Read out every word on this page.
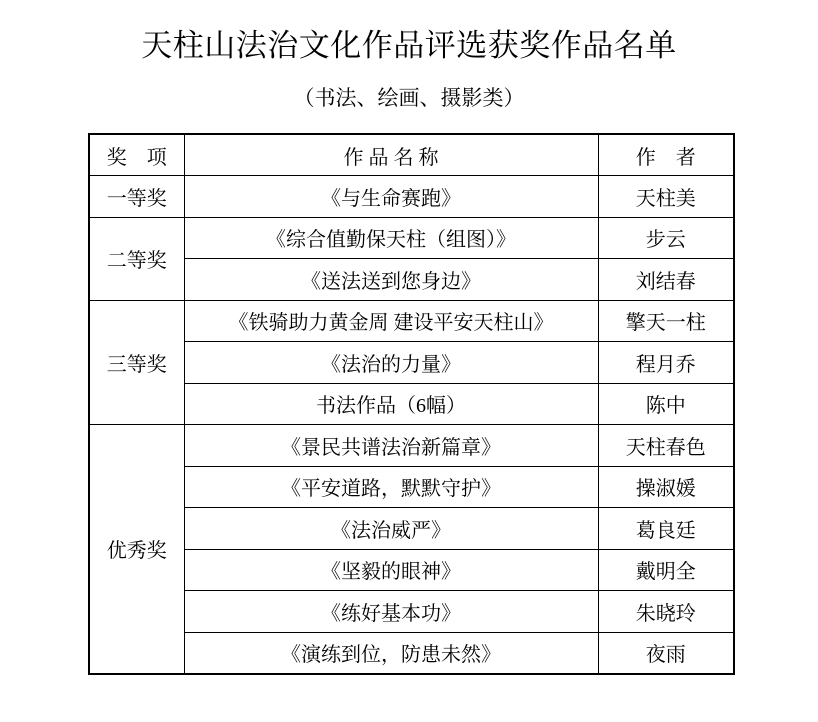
天柱山法治文化作品评选获奖作品名单
（书法、绘画、摄影类）
奖　项	作 品 名 称	作　者
一等奖	《与生命赛跑》	天柱美
二等奖	《综合值勤保天柱（组图）》	步云
	《送法送到您身边》	刘结春
三等奖	《铁骑助力黄金周 建设平安天柱山》	擎天一柱
	《法治的力量》	程月乔
	书法作品（6幅）	陈中
优秀奖	《景民共谱法治新篇章》	天柱春色
	《平安道路，默默守护》	操淑媛
	《法治威严》	葛良廷
	《坚毅的眼神》	戴明全
	《练好基本功》	朱晓玲
	《演练到位，防患未然》	夜雨
